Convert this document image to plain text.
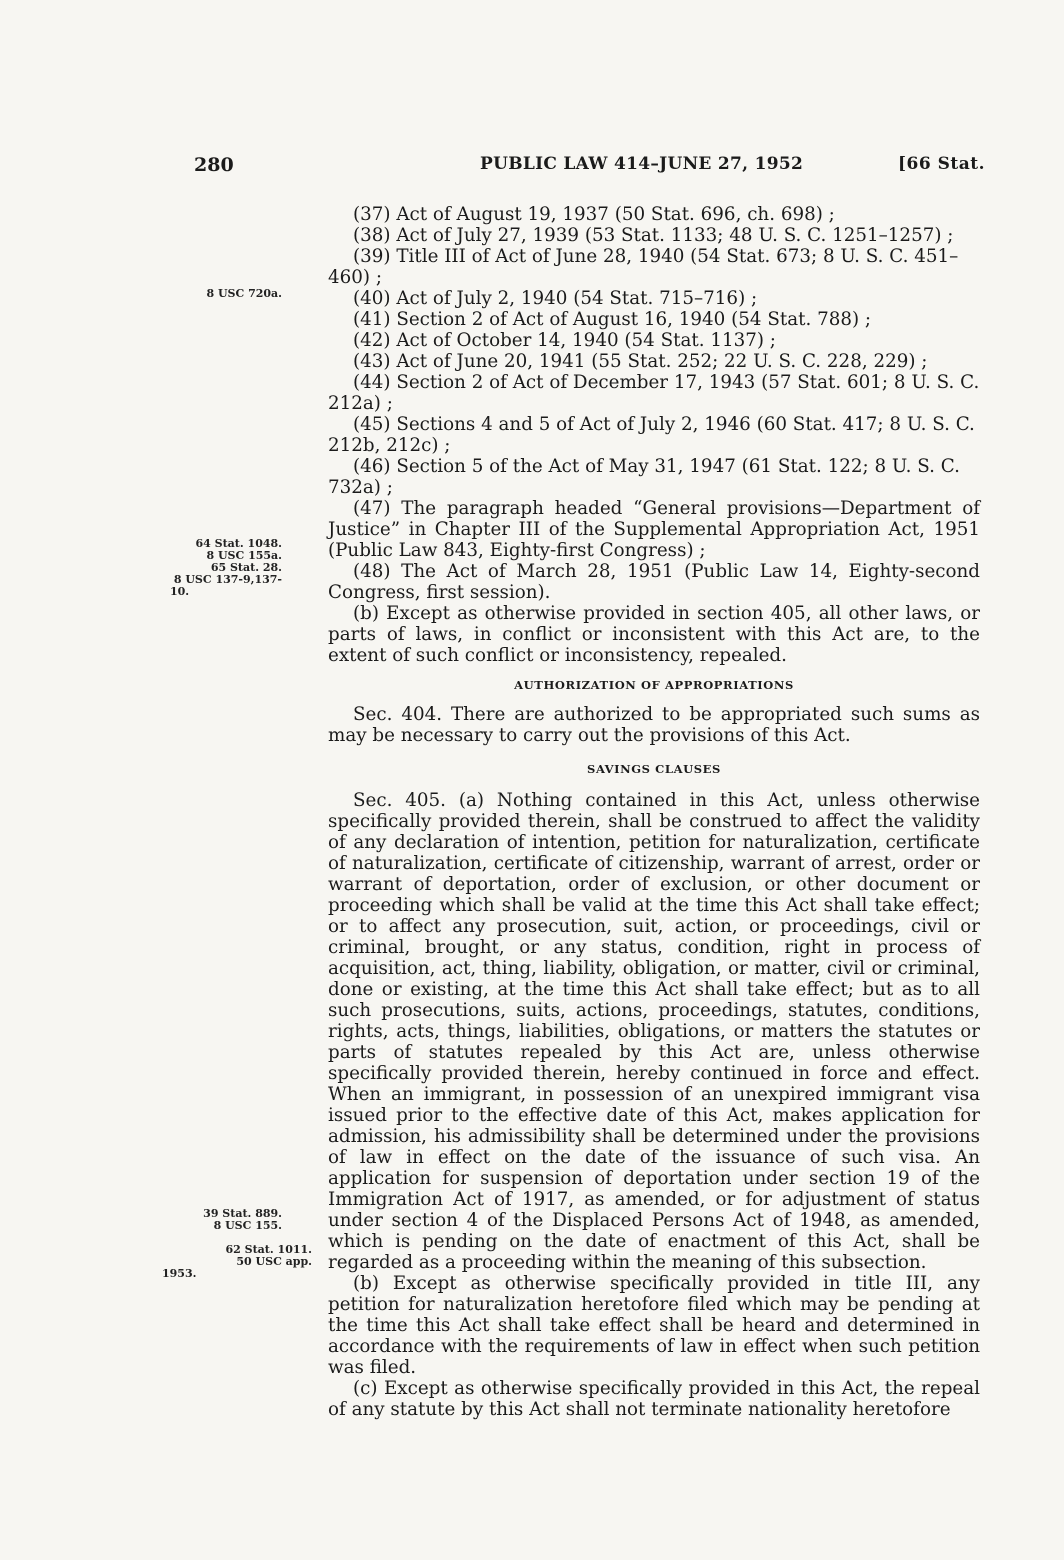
280	PUBLIC LAW 414–JUNE 27, 1952	[66 Stat.
8 USC 720a.
64 Stat. 1048.
8 USC 155a.
65 Stat. 28.
8 USC 137-9,137-
10.
39 Stat. 889.
8 USC 155.
62 Stat. 1011.
50 USC app.
1953.

(37) Act of August 19, 1937 (50 Stat. 696, ch. 698) ;

(38) Act of July 27, 1939 (53 Stat. 1133; 48 U. S. C. 1251–1257) ;

(39) Title III of Act of June 28, 1940 (54 Stat. 673; 8 U. S. C. 451–460) ;

(40) Act of July 2, 1940 (54 Stat. 715–716) ;

(41) Section 2 of Act of August 16, 1940 (54 Stat. 788) ;

(42) Act of October 14, 1940 (54 Stat. 1137) ;

(43) Act of June 20, 1941 (55 Stat. 252; 22 U. S. C. 228, 229) ;

(44) Section 2 of Act of December 17, 1943 (57 Stat. 601; 8 U. S. C. 212a) ;

(45) Sections 4 and 5 of Act of July 2, 1946 (60 Stat. 417; 8 U. S. C. 212b, 212c) ;

(46) Section 5 of the Act of May 31, 1947 (61 Stat. 122; 8 U. S. C. 732a) ;

(47) The paragraph headed “General provisions—Department of Justice” in Chapter III of the Supplemental Appropriation Act, 1951 (Public Law 843, Eighty-first Congress) ;

(48) The Act of March 28, 1951 (Public Law 14, Eighty-second Congress, first session).

(b) Except as otherwise provided in section 405, all other laws, or parts of laws, in conflict or inconsistent with this Act are, to the extent of such conflict or inconsistency, repealed.

AUTHORIZATION OF APPROPRIATIONS

Sec. 404. There are authorized to be appropriated such sums as may be necessary to carry out the provisions of this Act.

SAVINGS CLAUSES

Sec. 405. (a) Nothing contained in this Act, unless otherwise specifically provided therein, shall be construed to affect the validity of any declaration of intention, petition for naturalization, certificate of naturalization, certificate of citizenship, warrant of arrest, order or warrant of deportation, order of exclusion, or other document or proceeding which shall be valid at the time this Act shall take effect; or to affect any prosecution, suit, action, or proceedings, civil or criminal, brought, or any status, condition, right in process of acquisition, act, thing, liability, obligation, or matter, civil or criminal, done or existing, at the time this Act shall take effect; but as to all such prosecutions, suits, actions, proceedings, statutes, conditions, rights, acts, things, liabilities, obligations, or matters the statutes or parts of statutes repealed by this Act are, unless otherwise specifically provided therein, hereby continued in force and effect. When an immigrant, in possession of an unexpired immigrant visa issued prior to the effective date of this Act, makes application for admission, his admissibility shall be determined under the provisions of law in effect on the date of the issuance of such visa. An application for suspension of deportation under section 19 of the Immigration Act of 1917, as amended, or for adjustment of status under section 4 of the Displaced Persons Act of 1948, as amended, which is pending on the date of enactment of this Act, shall be regarded as a proceeding within the meaning of this subsection.

(b) Except as otherwise specifically provided in title III, any petition for naturalization heretofore filed which may be pending at the time this Act shall take effect shall be heard and determined in accordance with the requirements of law in effect when such petition was filed.

(c) Except as otherwise specifically provided in this Act, the repeal of any statute by this Act shall not terminate nationality heretofore
